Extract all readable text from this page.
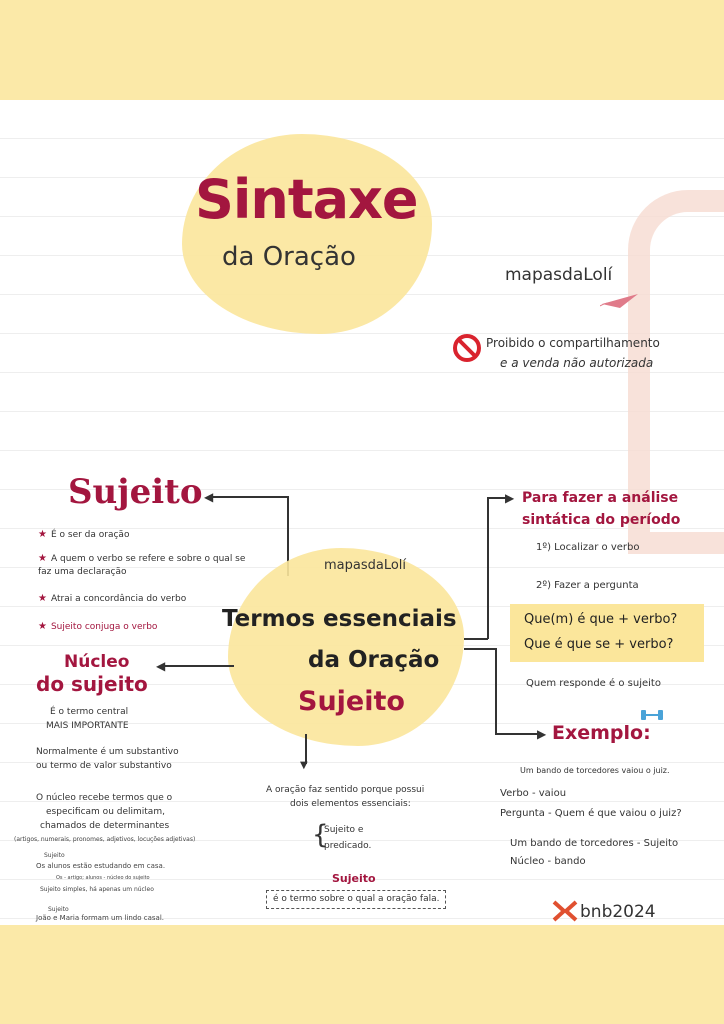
Sintaxe
da Oração
mapasdaLolí
Proibido o compartilhamento
e a venda não autorizada
Sujeito ◀
★ É o ser da oração
★ A quem o verbo se refere e sobre o qual se faz uma declaração
★ Atrai a concordância do verbo
★ Sujeito conjuga o verbo
mapasdaLolí
Termos essenciais
da Oração
Sujeito
Núcleo
do sujeito
◀
É o termo central
MAIS IMPORTANTE
Normalmente é um substantivo
ou termo de valor substantivo
O núcleo recebe termos que o
especificam ou delimitam,
chamados de determinantes
(artigos, numerais, pronomes, adjetivos, locuções adjetivas)
Sujeito
Os alunos estão estudando em casa.
Os - artigo; alunos - núcleo do sujeito
Sujeito simples, há apenas um núcleo
Sujeito
João e Maria formam um lindo casal.
▼
A oração faz sentido porque possui
dois elementos essenciais:
{
Sujeito e
predicado.
Sujeito
é o termo sobre o qual a oração fala.
▶
▶
Para fazer a análise
sintática do período
1º) Localizar o verbo
2º) Fazer a pergunta
Que(m) é que + verbo?
Que é que se + verbo?
Quem responde é o sujeito
Exemplo:
Um bando de torcedores vaiou o juiz.
Verbo - vaiou
Pergunta - Quem é que vaiou o juiz?
Um bando de torcedores - Sujeito
Núcleo - bando
bnb2024
